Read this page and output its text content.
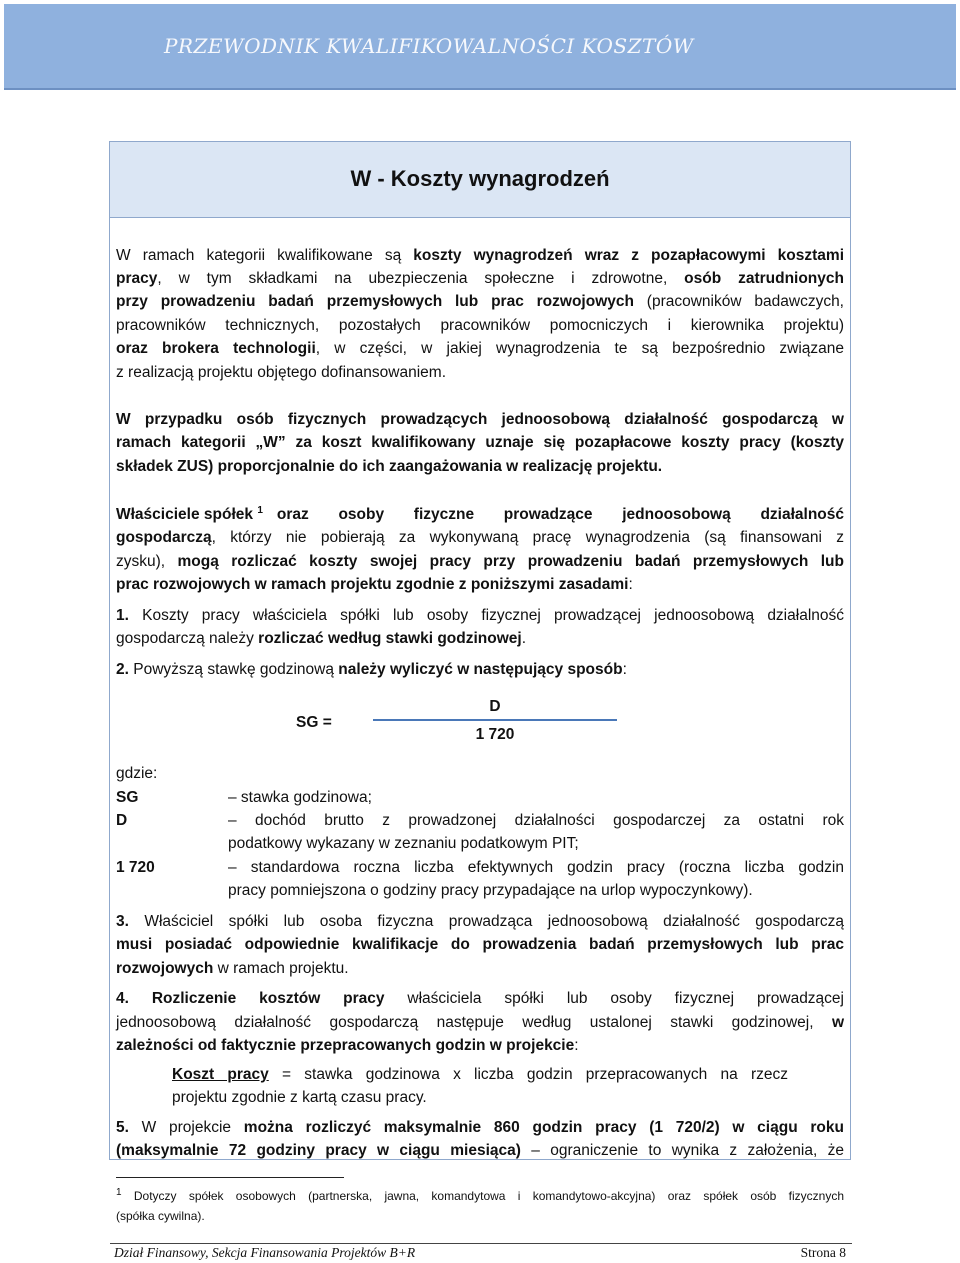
PRZEWODNIK KWALIFIKOWALNOŚCI KOSZTÓW
W - Koszty wynagrodzeń
W ramach kategorii kwalifikowane są koszty wynagrodzeń wraz z pozapłacowymi kosztami
pracy, w tym składkami na ubezpieczenia społeczne i zdrowotne, osób zatrudnionych
przy prowadzeniu badań przemysłowych lub prac rozwojowych (pracowników badawczych,
pracowników technicznych, pozostałych pracowników pomocniczych i kierownika projektu)
oraz brokera technologii, w części, w jakiej wynagrodzenia te są bezpośrednio związane
z realizacją projektu objętego dofinansowaniem.
W przypadku osób fizycznych prowadzących jednoosobową działalność gospodarczą w
ramach kategorii „W” za koszt kwalifikowany uznaje się pozapłacowe koszty pracy (koszty
składek ZUS) proporcjonalnie do ich zaangażowania w realizację projektu.
Właściciele spółek $^1$ oraz osoby fizyczne prowadzące jednoosobową działalność
gospodarczą, którzy nie pobierają za wykonywaną pracę wynagrodzenia (są finansowani z
zysku), mogą rozliczać koszty swojej pracy przy prowadzeniu badań przemysłowych lub
prac rozwojowych w ramach projektu zgodnie z poniższymi zasadami:
1. Koszty pracy właściciela spółki lub osoby fizycznej prowadzącej jednoosobową działalność
gospodarczą należy rozliczać według stawki godzinowej.
2. Powyższą stawkę godzinową należy wyliczyć w następujący sposób:
SG =
D
1 720
gdzie:
SG	– stawka godzinowa;
D	– dochód brutto z prowadzonej działalności gospodarczej za ostatni rok
podatkowy wykazany w zeznaniu podatkowym PIT;
1 720	– standardowa roczna liczba efektywnych godzin pracy (roczna liczba godzin
pracy pomniejszona o godziny pracy przypadające na urlop wypoczynkowy).
3. Właściciel spółki lub osoba fizyczna prowadząca jednoosobową działalność gospodarczą
musi posiadać odpowiednie kwalifikacje do prowadzenia badań przemysłowych lub prac
rozwojowych w ramach projektu.
4. Rozliczenie kosztów pracy właściciela spółki lub osoby fizycznej prowadzącej
jednoosobową działalność gospodarczą następuje według ustalonej stawki godzinowej, w
zależności od faktycznie przepracowanych godzin w projekcie:
Koszt pracy = stawka godzinowa x liczba godzin przepracowanych na rzecz
projektu zgodnie z kartą czasu pracy.
5. W projekcie można rozliczyć maksymalnie 860 godzin pracy (1 720/2) w ciągu roku
(maksymalnie 72 godziny pracy w ciągu miesiąca) – ograniczenie to wynika z założenia, że
$^1$ Dotyczy spółek osobowych (partnerska, jawna, komandytowa i komandytowo-akcyjna) oraz spółek osób fizycznych
(spółka cywilna).
Dział Finansowy, Sekcja Finansowania Projektów B+R	Strona 8
